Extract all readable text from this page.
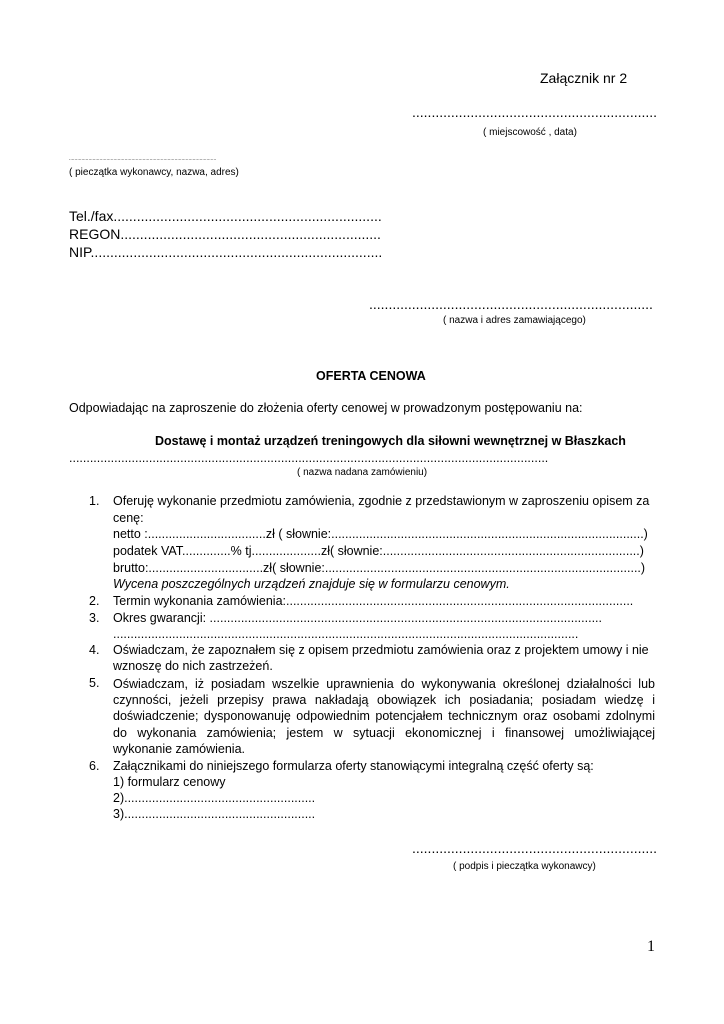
Załącznik nr 2
...............................................................
( miejscowość , data)
..........................................................................................................
( pieczątka wykonawcy, nazwa, adres)
Tel./fax.....................................................................
REGON...................................................................
NIP...........................................................................
.........................................................................
( nazwa i adres zamawiającego)
OFERTA CENOWA
Odpowiadając na zaproszenie do złożenia oferty cenowej w prowadzonym postępowaniu na:
Dostawę i montaż urządzeń treningowych dla siłowni wewnętrznej w Błaszkach
..........................................................................................................................................
( nazwa nadana zamówieniu)
1. Oferuję wykonanie przedmiotu zamówienia, zgodnie z przedstawionym w zaproszeniu opisem za
cenę:
netto :..................................zł ( słownie:..........................................................................................)
podatek VAT..............% tj....................zł( słownie:..........................................................................)
brutto:.................................zł( słownie:...........................................................................................)
Wycena poszczególnych urządzeń znajduje się w formularzu cenowym.
2. Termin wykonania zamówienia:....................................................................................................
3. Okres gwarancji: .................................................................................................................
......................................................................................................................................
4. Oświadczam, że zapoznałem się z opisem przedmiotu zamówienia oraz z projektem umowy i nie
wznoszę do nich zastrzeżeń.
5. Oświadczam, iż posiadam wszelkie uprawnienia do wykonywania określonej działalności lub czynności, jeżeli przepisy prawa nakładają obowiązek ich posiadania; posiadam wiedzę i doświadczenie; dysponowanuję odpowiednim potencjałem technicznym oraz osobami zdolnymi do wykonania zamówienia; jestem w sytuacji ekonomicznej i finansowej umożliwiającej wykonanie zamówienia.
6. Załącznikami do niniejszego formularza oferty stanowiącymi integralną część oferty są:
1) formularz cenowy
2).......................................................
3).......................................................
...............................................................
( podpis i pieczątka wykonawcy)
1
